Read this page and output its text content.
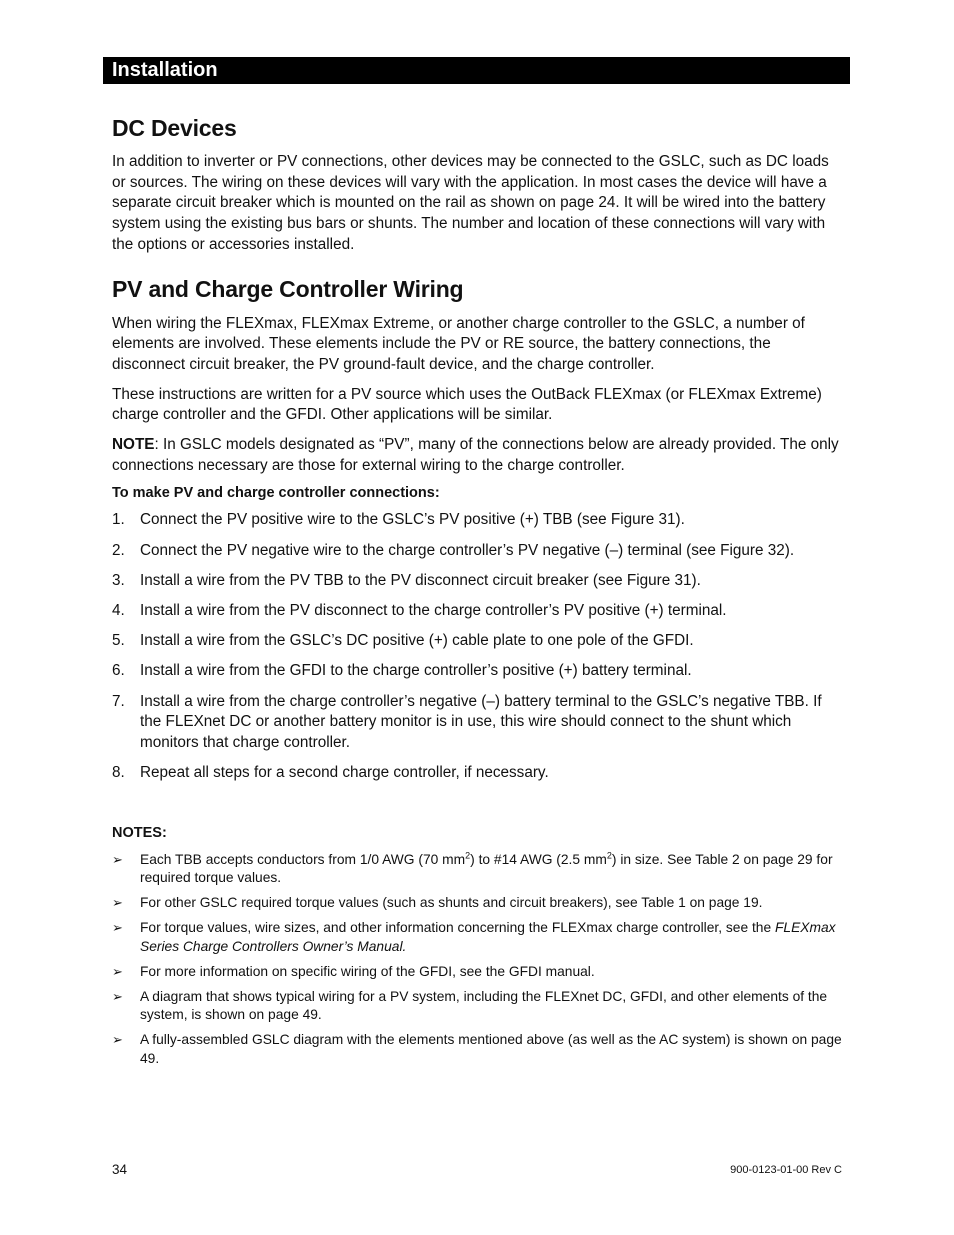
Installation
DC Devices

In addition to inverter or PV connections, other devices may be connected to the GSLC, such as DC loads or sources. The wiring on these devices will vary with the application. In most cases the device will have a separate circuit breaker which is mounted on the rail as shown on page 24. It will be wired into the battery system using the existing bus bars or shunts. The number and location of these connections will vary with the options or accessories installed.

PV and Charge Controller Wiring

When wiring the FLEXmax, FLEXmax Extreme, or another charge controller to the GSLC, a number of elements are involved. These elements include the PV or RE source, the battery connections, the disconnect circuit breaker, the PV ground-fault device, and the charge controller.

These instructions are written for a PV source which uses the OutBack FLEXmax (or FLEXmax Extreme) charge controller and the GFDI. Other applications will be similar.

NOTE: In GSLC models designated as “PV”, many of the connections below are already provided. The only connections necessary are those for external wiring to the charge controller.

To make PV and charge controller connections:
1. Connect the PV positive wire to the GSLC’s PV positive (+) TBB (see Figure 31).
2. Connect the PV negative wire to the charge controller’s PV negative (–) terminal (see Figure 32).
3. Install a wire from the PV TBB to the PV disconnect circuit breaker (see Figure 31).
4. Install a wire from the PV disconnect to the charge controller’s PV positive (+) terminal.
5. Install a wire from the GSLC’s DC positive (+) cable plate to one pole of the GFDI.
6. Install a wire from the GFDI to the charge controller’s positive (+) battery terminal.
7. Install a wire from the charge controller’s negative (–) battery terminal to the GSLC’s negative TBB. If the FLEXnet DC or another battery monitor is in use, this wire should connect to the shunt which monitors that charge controller.
8. Repeat all steps for a second charge controller, if necessary.
NOTES:
➢	Each TBB accepts conductors from 1/0 AWG (70 $mm^2$) to #14 AWG (2.5 $mm^2$) in size. See Table 2 on page 29 for required torque values.
➢	For other GSLC required torque values (such as shunts and circuit breakers), see Table 1 on page 19.
➢	For torque values, wire sizes, and other information concerning the FLEXmax charge controller, see the FLEXmax Series Charge Controllers Owner’s Manual.
➢	For more information on specific wiring of the GFDI, see the GFDI manual.
➢	A diagram that shows typical wiring for a PV system, including the FLEXnet DC, GFDI, and other elements of the system, is shown on page 49.
➢	A fully-assembled GSLC diagram with the elements mentioned above (as well as the AC system) is shown on page 49.
34	900-0123-01-00 Rev C
